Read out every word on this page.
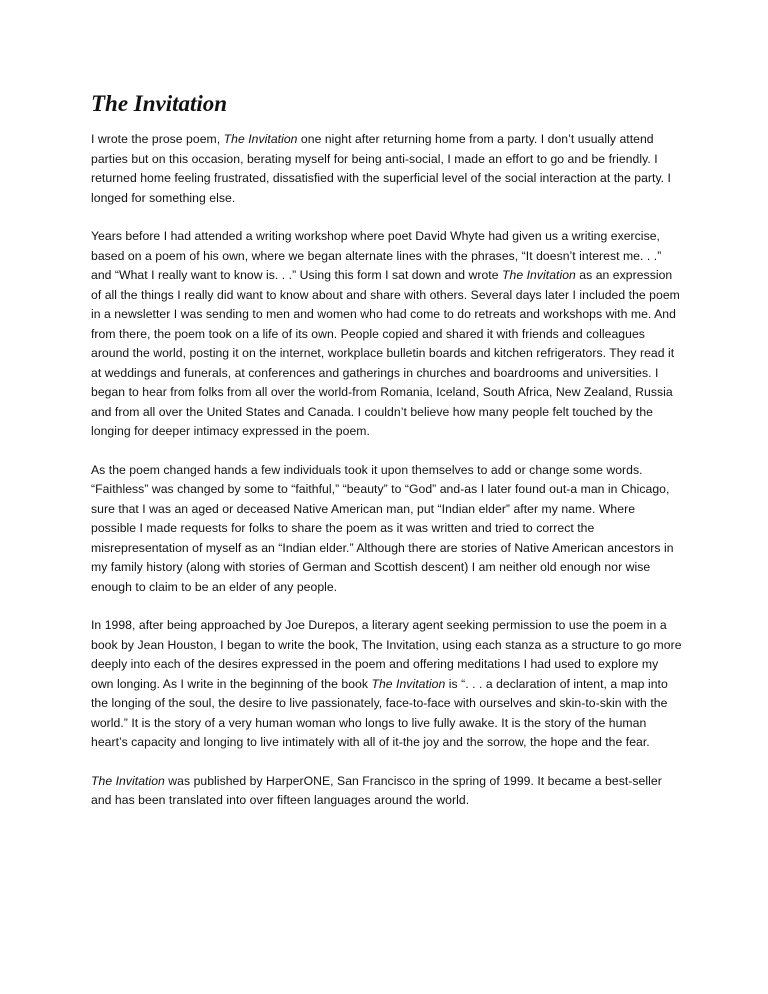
The Invitation

I wrote the prose poem, The Invitation one night after returning home from a party. I don’t usually attend parties but on this occasion, berating myself for being anti-social, I made an effort to go and be friendly. I returned home feeling frustrated, dissatisfied with the superficial level of the social interaction at the party. I longed for something else.

Years before I had attended a writing workshop where poet David Whyte had given us a writing exercise, based on a poem of his own, where we began alternate lines with the phrases, “It doesn’t interest me. . .” and “What I really want to know is. . .” Using this form I sat down and wrote The Invitation as an expression of all the things I really did want to know about and share with others. Several days later I included the poem in a newsletter I was sending to men and women who had come to do retreats and workshops with me. And from there, the poem took on a life of its own. People copied and shared it with friends and colleagues around the world, posting it on the internet, workplace bulletin boards and kitchen refrigerators. They read it at weddings and funerals, at conferences and gatherings in churches and boardrooms and universities. I began to hear from folks from all over the world-from Romania, Iceland, South Africa, New Zealand, Russia and from all over the United States and Canada. I couldn’t believe how many people felt touched by the longing for deeper intimacy expressed in the poem.

As the poem changed hands a few individuals took it upon themselves to add or change some words. “Faithless” was changed by some to “faithful,” “beauty” to “God” and-as I later found out-a man in Chicago, sure that I was an aged or deceased Native American man, put “Indian elder” after my name. Where possible I made requests for folks to share the poem as it was written and tried to correct the misrepresentation of myself as an “Indian elder.” Although there are stories of Native American ancestors in my family history (along with stories of German and Scottish descent) I am neither old enough nor wise enough to claim to be an elder of any people.

In 1998, after being approached by Joe Durepos, a literary agent seeking permission to use the poem in a book by Jean Houston, I began to write the book, The Invitation, using each stanza as a structure to go more deeply into each of the desires expressed in the poem and offering meditations I had used to explore my own longing. As I write in the beginning of the book The Invitation is “. . . a declaration of intent, a map into the longing of the soul, the desire to live passionately, face-to-face with ourselves and skin-to-skin with the world.” It is the story of a very human woman who longs to live fully awake. It is the story of the human heart’s capacity and longing to live intimately with all of it-the joy and the sorrow, the hope and the fear.

The Invitation was published by HarperONE, San Francisco in the spring of 1999. It became a best-seller and has been translated into over fifteen languages around the world.
